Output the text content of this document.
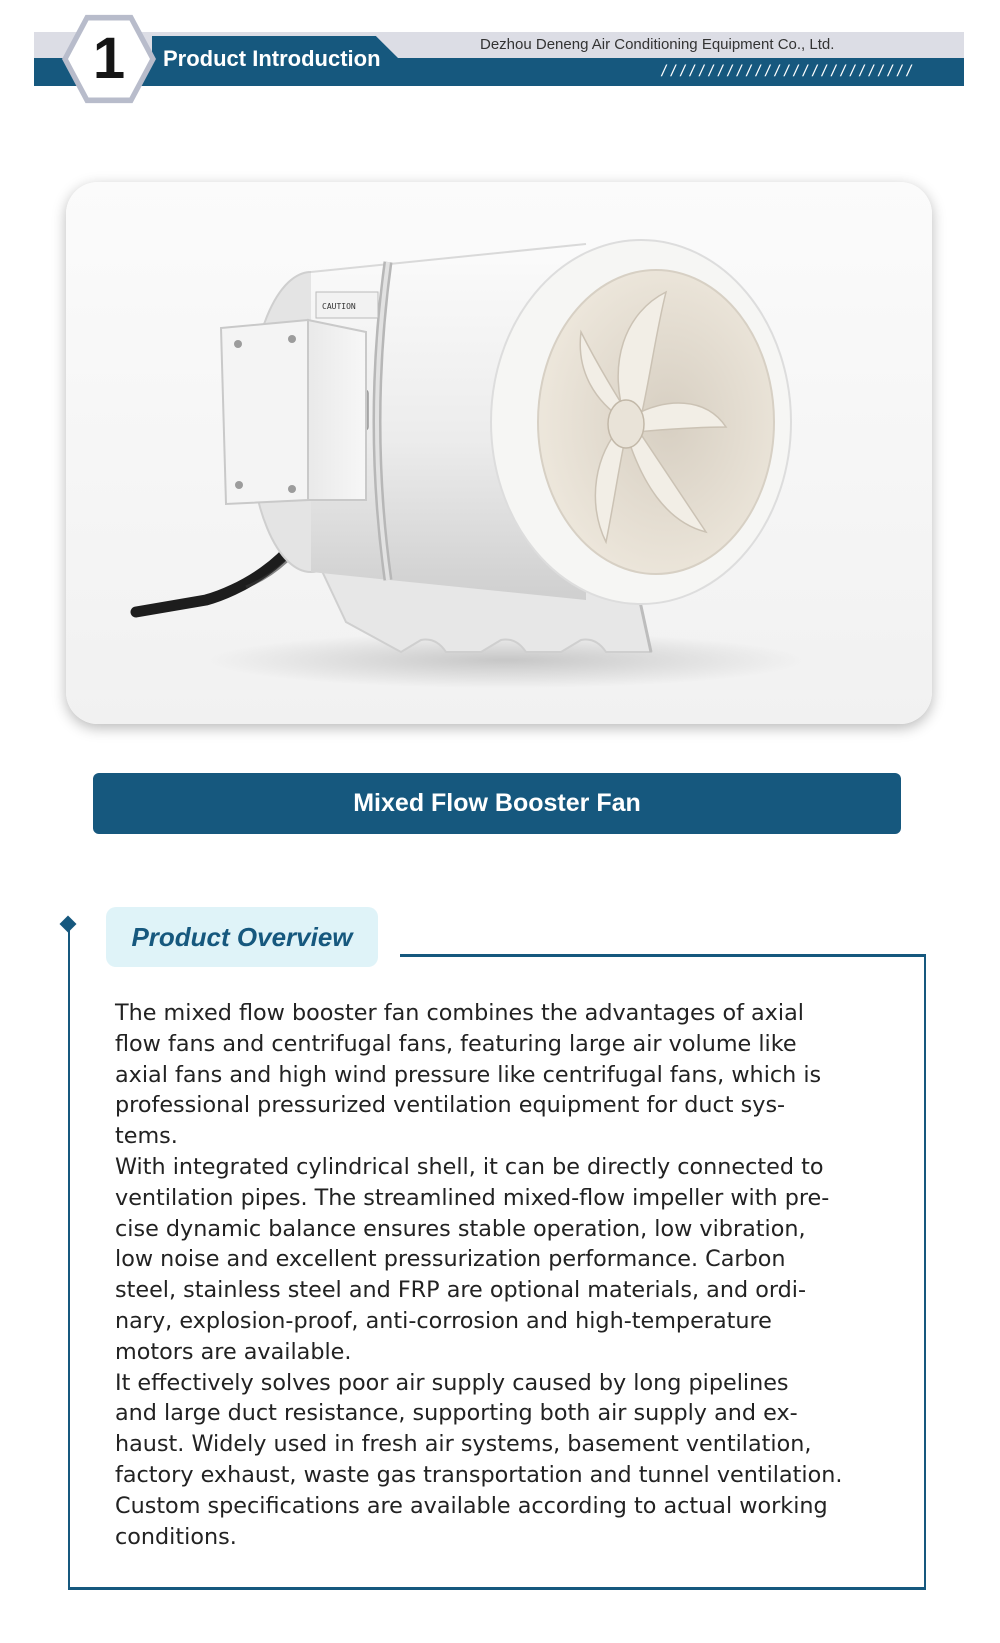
Product Introduction
1	Dezhou Deneng Air Conditioning Equipment Co., Ltd.
///////////////////////////
CAUTION
Mixed Flow Booster Fan
Product Overview

The mixed flow booster fan combines the advantages of axial

flow fans and centrifugal fans, featuring large air volume like

axial fans and high wind pressure like centrifugal fans, which is

professional pressurized ventilation equipment for duct sys-

tems.

With integrated cylindrical shell, it can be directly connected to

ventilation pipes. The streamlined mixed-flow impeller with pre-

cise dynamic balance ensures stable operation, low vibration,

low noise and excellent pressurization performance. Carbon

steel, stainless steel and FRP are optional materials, and ordi-

nary, explosion-proof, anti-corrosion and high-temperature

motors are available.

It effectively solves poor air supply caused by long pipelines

and large duct resistance, supporting both air supply and ex-

haust. Widely used in fresh air systems, basement ventilation,

factory exhaust, waste gas transportation and tunnel ventilation.

Custom specifications are available according to actual working

conditions.
